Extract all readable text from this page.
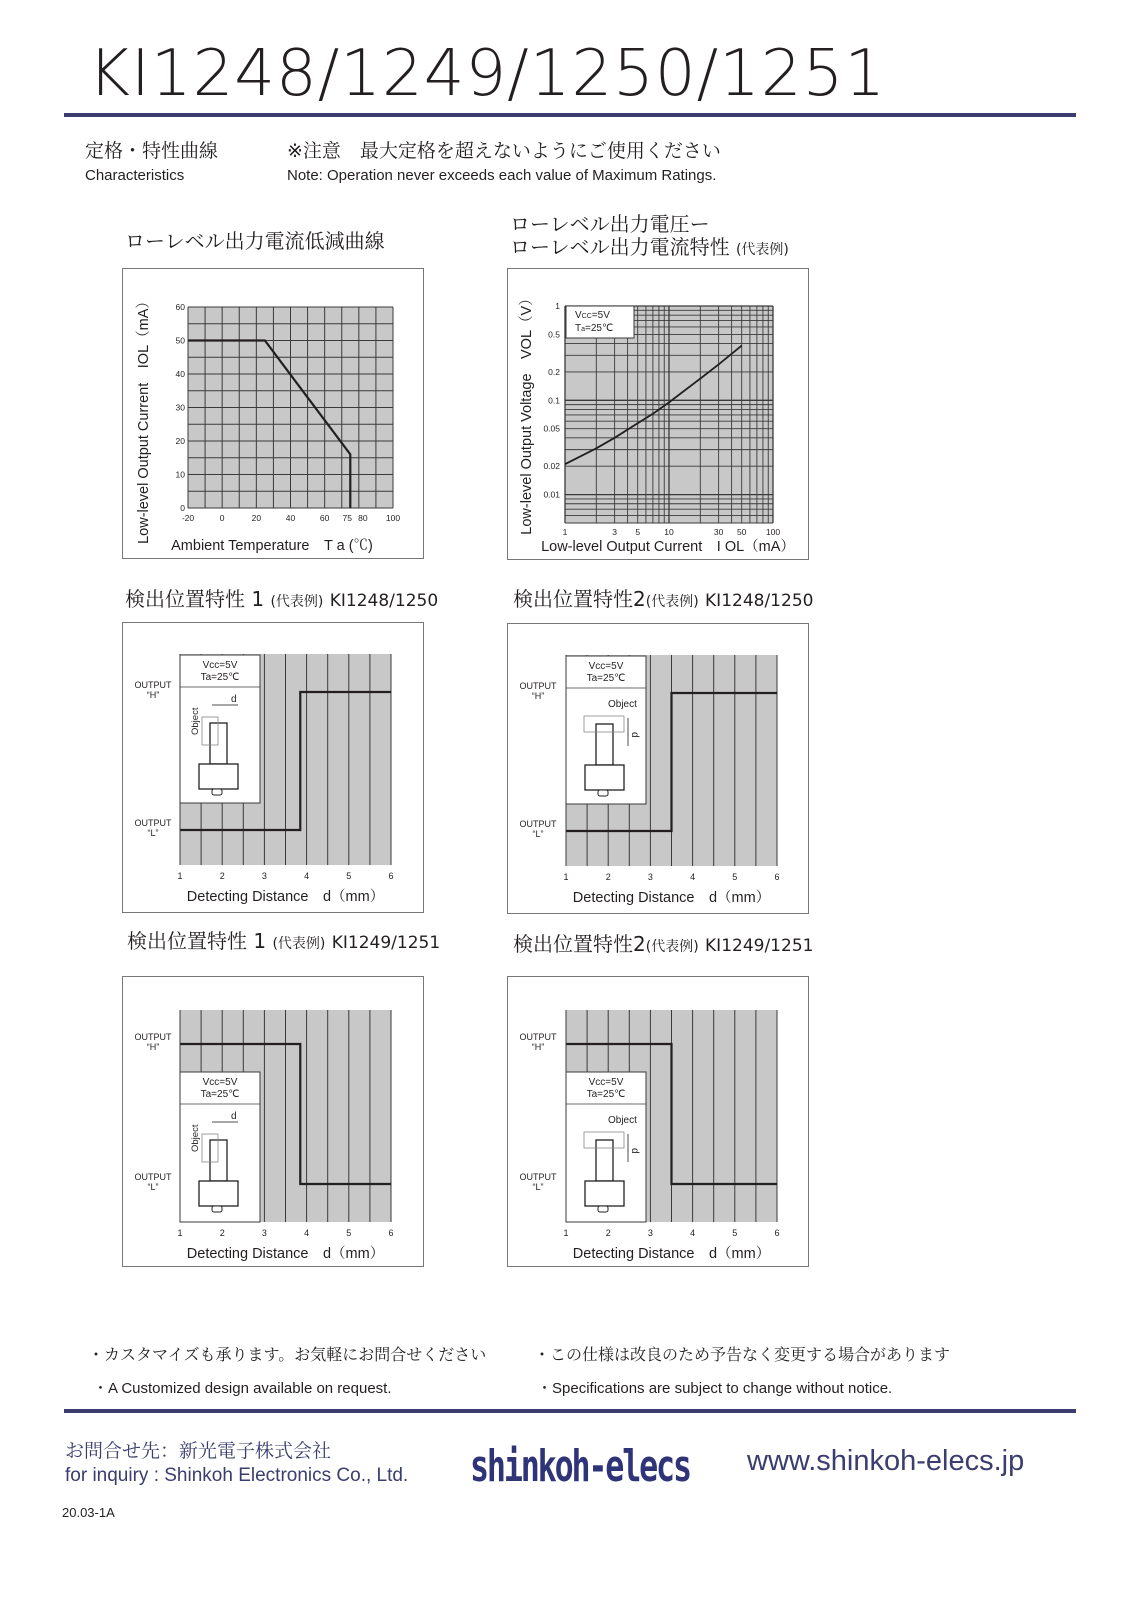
KI1248/1249/1250/1251
定格・特性曲線
Characteristics
※注意　最大定格を超えないようにご使用ください
Note: Operation never exceeds each value of Maximum Ratings.
ローレベル出力電流低減曲線
0
10
20
30
40
50
60
-20	0	20	40	60 75 80 100
Ambient Temperature　T a (℃)
Low-level Output Current　IOL（mA）
ローレベル出力電圧ー
ローレベル出力電流特性 (代表例)
VCC=5V
Ta=25℃
0.01
0.02
0.05
0.1
0.2
0.5
1
1	3 5	10	30 50 100
Low-level Output Current　I OL（mA）
Low-level Output Voltage　VOL（V）
検出位置特性 1 (代表例) KI1248/1250
OUTPUT
“H”
OUTPUT
“L”
1	2	3	4	5	6
Detecting Distance　d（mm）
Vcc=5V
Ta=25℃
Object
d
検出位置特性2(代表例) KI1248/1250
OUTPUT
“H”
OUTPUT
“L”
1	2	3	4	5	6
Detecting Distance　d（mm）
Vcc=5V
Ta=25℃
Object
d
検出位置特性 1 (代表例) KI1249/1251
OUTPUT
“H”
OUTPUT
“L”
1	2	3	4	5	6
Detecting Distance　d（mm）
Vcc=5V
Ta=25℃
Object
d
検出位置特性2(代表例) KI1249/1251
OUTPUT
“H”
OUTPUT
“L”
1	2	3	4	5	6
Detecting Distance　d（mm）
Vcc=5V
Ta=25℃
Object
d
・カスタマイズも承ります。お気軽にお問合せください
・A Customized design available on request.
・この仕様は改良のため予告なく変更する場合があります
・Specifications are subject to change without notice.
お問合せ先：新光電子株式会社
for inquiry : Shinkoh Electronics Co., Ltd. shinkoh-elecs www.shinkoh-elecs.jp
20.03-1A
